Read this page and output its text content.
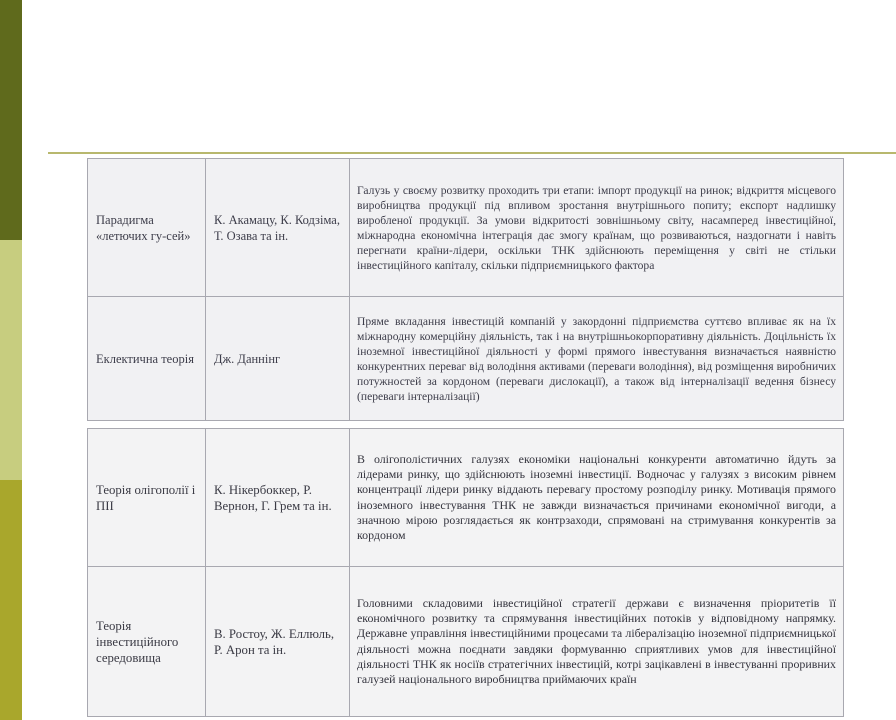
Парадигма «летючих гу-сей»	К. Акамацу, К. Кодзіма, Т. Озава та ін.	Галузь у своєму розвитку проходить три етапи: імпорт продукції на ринок; відкриття місцевого виробництва продукції під впливом зростання внутрішнього попиту; експорт надлишку виробленої продукції. За умови відкритості зовнішньому світу, насамперед інвестиційної, міжнародна економічна інтеграція дає змогу країнам, що розвиваються, наздогнати і навіть перегнати країни-лідери, оскільки ТНК здійснюють переміщення у світі не стільки інвестиційного капіталу, скільки підприємницького фактора
Еклектична теорія	Дж. Даннінг	Пряме вкладання інвестицій компаній у закордонні підприємства суттєво впливає як на їх міжнародну комерційну діяльність, так і на внутрішньокорпоративну діяльність. Доцільність їх іноземної інвестиційної діяльності у формі прямого інвестування визначається наявністю конкурентних переваг від володіння активами (переваги володіння), від розміщення виробничих потужностей за кордоном (переваги дислокації), а також від інтерналізації ведення бізнесу (переваги інтерналізації)
Теорія олігополії і ПІІ	К. Нікербоккер, Р. Вернон, Г. Грем та ін.	В олігополістичних галузях економіки національні конкуренти автоматично йдуть за лідерами ринку, що здійснюють іноземні інвестиції. Водночас у галузях з високим рівнем концентрації лідери ринку віддають перевагу простому розподілу ринку. Мотивація прямого іноземного інвестування ТНК не завжди визначається причинами економічної вигоди, а значною мірою розглядається як контрзаходи, спрямовані на стримування конкурентів за кордоном
Теорія інвестиційного середовища	В. Ростоу, Ж. Еллюль, Р. Арон та ін.	Головними складовими інвестиційної стратегії держави є визначення пріоритетів її економічного розвитку та спрямування інвестиційних потоків у відповідному напрямку. Державне управління інвестиційними процесами та лібералізацію іноземної підприємницької діяльності можна поєднати завдяки формуванню сприятливих умов для інвестиційної діяльності ТНК як носіїв стратегічних інвестицій, котрі зацікавлені в інвестуванні проривних галузей національного виробництва приймаючих країн
